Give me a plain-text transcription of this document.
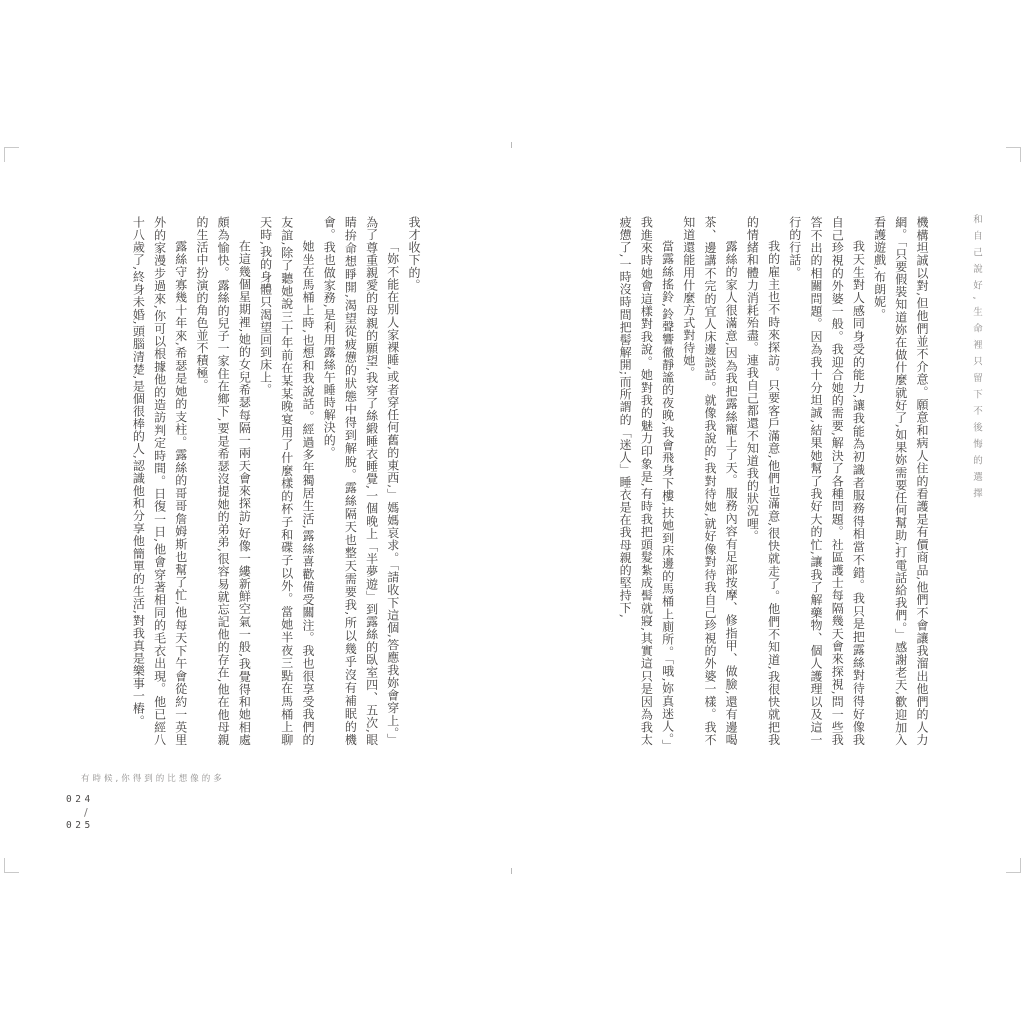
和自己說好,生命裡只留下不後悔的選擇

機構坦誠以對,但他們並不介意。願意和病人住的看護是有價商品,他們不會讓我溜出他們的人力網。「只要假裝知道妳在做什麼就好了,如果妳需要任何幫助,打電話給我們。」感謝老天,歡迎加入看護遊戲,布朗妮。

我天生對人感同身受的能力,讓我能為初識者服務得相當不錯。我只是把露絲對待得好像我自己珍視的外婆一般。我迎合她的需要,解決了各種問題。社區護士每隔幾天會來探視,問一些我答不出的相關問題。因為我十分坦誠,結果她幫了我好大的忙,讓我了解藥物、個人護理以及這一行的行話。

我的雇主也不時來探訪。只要客戶滿意,他們也滿意,很快就走了。他們不知道,我很快就把我的情緒和體力消耗殆盡。連我自己都還不知道我的狀況哩。

露絲的家人很滿意,因為我把露絲寵上了天。服務內容有足部按摩、修指甲、做臉,還有邊喝茶、邊講不完的宜人床邊談話。就像我說的,我對待她,就好像對待我自己珍視的外婆一樣。我不知道還能用什麼方式對待她。

當露絲搖鈴,鈴聲響徹靜謐的夜晚,我會飛身下樓,扶她到床邊的馬桶上廁所。「哦,妳真迷人。」我進來時她會這樣對我說。她對我的魅力印象是,有時我把頭髮紮成髻就寢,其實這只是因為我太疲憊了,一時沒時間把髻解開;而所謂的「迷人」睡衣是在我母親的堅持下,

我才收下的。

「妳不能在別人家裸睡,或者穿任何舊的東西,」媽媽哀求。「請收下這個,答應我妳會穿上。」為了尊重親愛的母親的願望,我穿了絲緞睡衣睡覺,一個晚上「半夢遊」到露絲的臥室四、五次,眼睛拚命想睜開,渴望從疲憊的狀態中得到解脫。露絲隔天也整天需要我,所以幾乎沒有補眠的機會。我也做家務,是利用露絲午睡時解決的。

她坐在馬桶上時,也想和我說話。經過多年獨居生活,露絲喜歡備受關注。我也很享受我們的友誼,除了聽她說三十年前在某某晚宴用了什麼樣的杯子和碟子以外。當她半夜三點在馬桶上聊天時,我的身體只渴望回到床上。

在這幾個星期裡,她的女兒希瑟每隔一兩天會來探訪,好像一縷新鮮空氣一般,我覺得和她相處頗為愉快。露絲的兒子一家住在鄉下,要是希瑟沒提她的弟弟,很容易就忘記他的存在,他在他母親的生活中扮演的角色並不積極。

露絲守寡幾十年來,希瑟是她的支柱。露絲的哥哥詹姆斯也幫了忙,他每天下午會從約一英里外的家漫步過來,你可以根據他的造訪判定時間。日復一日,他會穿著相同的毛衣出現。他已經八十八歲了,終身未婚,頭腦清楚,是個很棒的人,認識他和分享他簡單的生活,對我真是樂事一樁。

有時候,你得到的比想像的多
024
/
025
